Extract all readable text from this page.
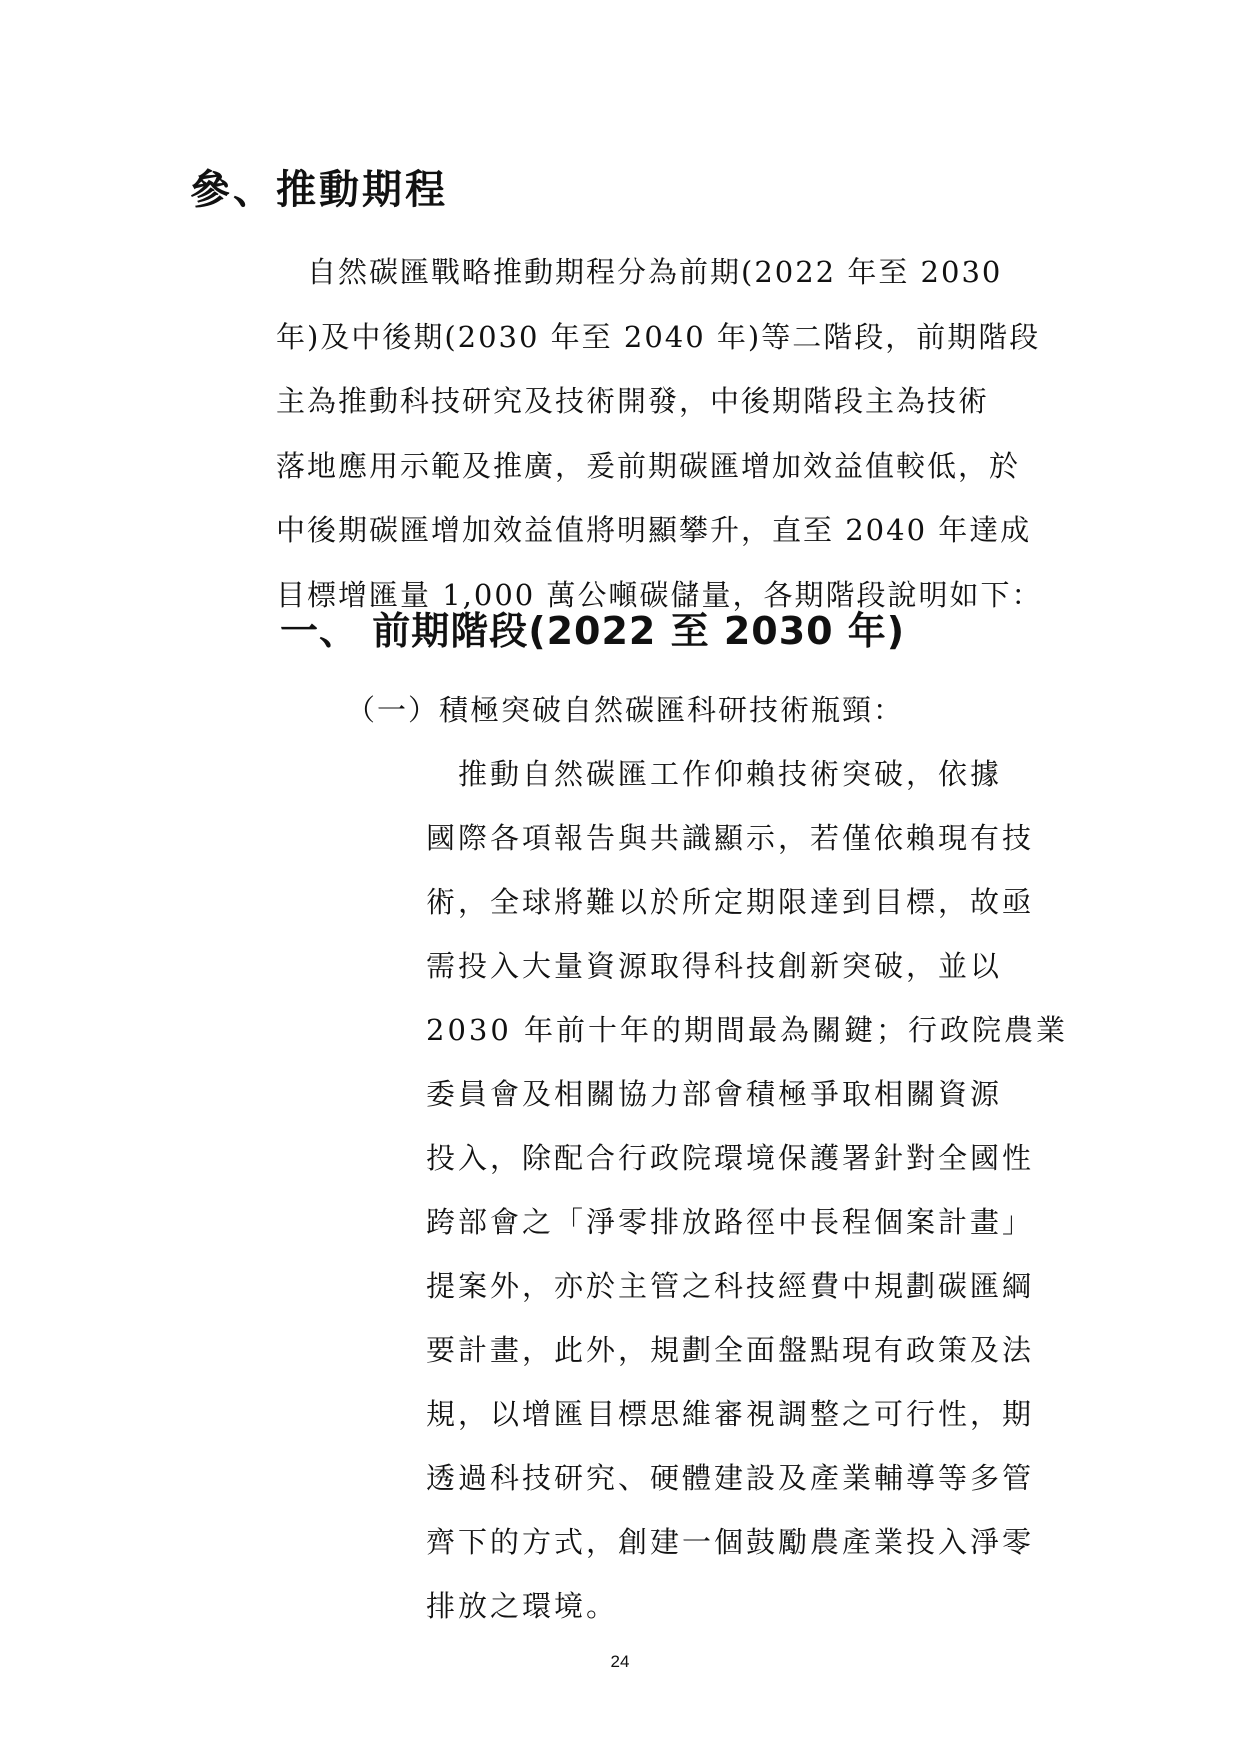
參、推動期程

　自然碳匯戰略推動期程分為前期(2022 年至 2030
年)及中後期(2030 年至 2040 年)等二階段，前期階段
主為推動科技研究及技術開發，中後期階段主為技術
落地應用示範及推廣，爰前期碳匯增加效益值較低，於
中後期碳匯增加效益值將明顯攀升，直至 2040 年達成
目標增匯量 1,000 萬公噸碳儲量，各期階段說明如下：

一、 前期階段(2022 至 2030 年)

（一）積極突破自然碳匯科研技術瓶頸：

　推動自然碳匯工作仰賴技術突破，依據
國際各項報告與共識顯示，若僅依賴現有技
術，全球將難以於所定期限達到目標，故亟
需投入大量資源取得科技創新突破，並以
2030 年前十年的期間最為關鍵；行政院農業
委員會及相關協力部會積極爭取相關資源
投入，除配合行政院環境保護署針對全國性
跨部會之「淨零排放路徑中長程個案計畫」
提案外，亦於主管之科技經費中規劃碳匯綱
要計畫，此外，規劃全面盤點現有政策及法
規，以增匯目標思維審視調整之可行性，期
透過科技研究、硬體建設及產業輔導等多管
齊下的方式，創建一個鼓勵農產業投入淨零
排放之環境。

24
